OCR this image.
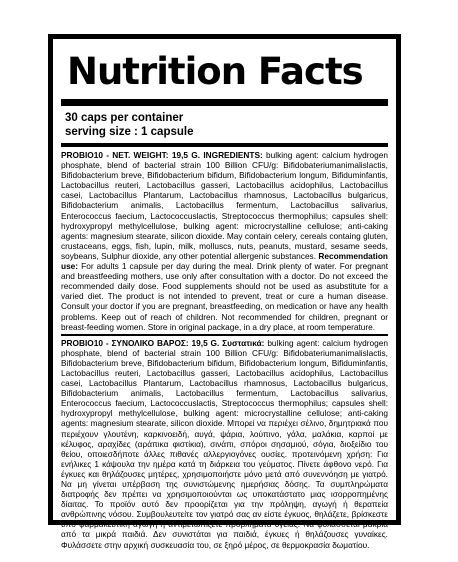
Nutrition Facts
30 caps per container
serving size : 1 capsule
PROBIO10 - NET. WEIGHT: 19,5 G. INGREDIENTS: bulking agent: calcium hydrogen phosphate, blend of bacterial strain 100 Billion CFU/g: Bifidobateriumanimalislactis, Bifidobacterium breve, Bifidobacterium bifidum, Bifidobacterium longum, Bifiduminfantis, Lactobacillus reuteri, Lactobacillus gasseri, Lactobacillus acidophilus, Lactobacillus casei, Lactobacillus Plantarum, Lactobacillus rhamnosus, Lactobacillus bulgaricus, Bifidobacterium animalis, Lactobacillus fermentum, Lactobacillus salivarius, Enterococcus faecium, Lactococcuslactis, Streptococcus thermophilus; capsules shell: hydroxypropyl methylcellulose, bulking agent: microcrystalline cellulose; anti-caking agents: magnesium stearate, silicon dioxide. May contain celery, cereals containg gluten, crustaceans, eggs, fish, lupin, milk, molluscs, nuts, peanuts, mustard, sesame seeds, soybeans, Sulphur dioxide, any other potential allergenic substances. Recommendation use: For adults 1 capsule per day during the meal. Drink plenty of water. For pregnant and breastfeeding mothers, use only after consultation with a doctor. Do not exceed the recommended daily dose. Food supplements should not be used as asubstitute for a varied diet. The product is not intended to prevent, treat or cure a human disease. Consult your doctor if you are pregnant, breastfeeding, on medication or have any health problems. Keep out of reach of children. Not recommended for children, pregnant or breast-feeding women. Store in original package, in a dry place, at room temperature.
PROBIO10 - ΣΥΝΟΛΙΚΟ ΒΑΡΟΣ: 19,5 G. Συστατικά: bulking agent: calcium hydrogen phosphate, blend of bacterial strain 100 Billion CFU/g: Bifidobateriumanimalislactis, Bifidobacterium breve, Bifidobacterium bifidum, Bifidobacterium longum, Bifiduminfantis, Lactobacillus reuteri, Lactobacillus gasseri, Lactobacillus acidophilus, Lactobacillus casei, Lactobacillus Plantarum, Lactobacillus rhamnosus, Lactobacillus bulgaricus, Bifidobacterium animalis, Lactobacillus fermentum, Lactobacillus salivarius, Enterococcus faecium, Lactococcuslactis, Streptococcus thermophilus; capsules shell: hydroxypropyl methylcellulose, bulking agent: microcrystalline cellulose; anti-caking agents: magnesium stearate, silicon dioxide. Μπορεί να περιέχει σέλινο, δημητριακά που περιέχουν γλουτένη, καρκινοειδή, αυγά, ψάρια, λούπινο, γάλα, μαλάκια, καρποί με κέλυφος, αραχίδες (αράπικα φιστίκια), σινάπι, σπόροι σησαμιού, σόγια, διοξείδιο του θείου, οποιεσδήποτε άλλες πιθανές αλλεργιογόνες ουσίες. προτεινόμενη χρήση: Για ενήλικες 1 κάψουλα την ημέρα κατά τη διάρκεια του γεύματος. Πίνετε άφθονο νερό. Για έγκυες και θηλάζουσες μητέρες, χρησιμοποιήστε μόνο μετά από συνεννόηση με γιατρό. Να μη γίνεται υπέρβαση της συνιστώμενης ημερήσιας δόσης. Τα συμπληρώματα διατροφής δεν πρέπει να χρησιμοποιούνται ως υποκατάστατο μιας ισορροπημένης δίαιτας. Το προϊόν αυτό δεν προορίζεται για την πρόληψη, αγωγή ή θεραπεία ανθρώπινης νόσου. Συμβουλευτείτε τον γιατρό σας αν είστε έγκυος, θηλάζετε, βρίσκεστε υπό φαρμακευτική αγωγή ή αντιμετωπίζετε προβλήματα υγείας. Να φυλάσσεται μακριά από τα μικρά παιδιά. Δεν συνιστάται για παιδιά, έγκυες ή θηλάζουσες γυναίκες. Φυλάσσετε στην αρχική συσκευασία του, σε ξηρό μέρος, σε θερμοκρασία δωματίου.
